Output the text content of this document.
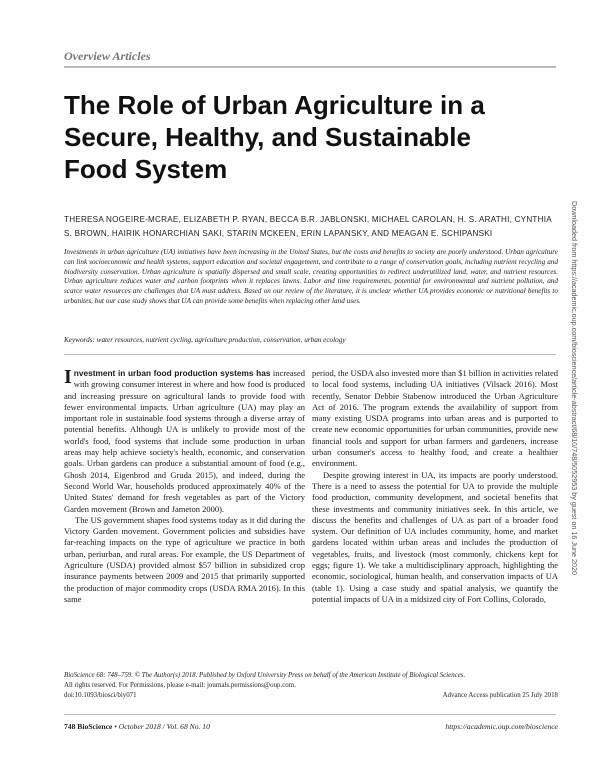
Overview Articles
The Role of Urban Agriculture in a Secure, Healthy, and Sustainable Food System
THERESA NOGEIRE-MCRAE, ELIZABETH P. RYAN, BECCA B.R. JABLONSKI, MICHAEL CAROLAN, H. S. ARATHI, CYNTHIA S. BROWN, HAIRIK HONARCHIAN SAKI, STARIN MCKEEN, ERIN LAPANSKY, AND MEAGAN E. SCHIPANSKI
Investments in urban agriculture (UA) initiatives have been increasing in the United States, but the costs and benefits to society are poorly understood. Urban agriculture can link socioeconomic and health systems, support education and societal engagement, and contribute to a range of conservation goals, including nutrient recycling and biodiversity conservation. Urban agriculture is spatially dispersed and small scale, creating opportunities to redirect underutilized land, water, and nutrient resources. Urban agriculture reduces water and carbon footprints when it replaces lawns. Labor and time requirements, potential for environmental and nutrient pollution, and scarce water resources are challenges that UA must address. Based on our review of the literature, it is unclear whether UA provides economic or nutritional benefits to urbanites, but our case study shows that UA can provide some benefits when replacing other land uses.
Keywords: water resources, nutrient cycling, agriculture production, conservation, urban ecology

Investment in urban food production systems has increased with growing consumer interest in where and how food is produced and increasing pressure on agricultural lands to provide food with fewer environmental impacts. Urban agriculture (UA) may play an important role in sustainable food systems through a diverse array of potential benefits. Although UA is unlikely to provide most of the world's food, food systems that include some production in urban areas may help achieve society's health, economic, and conservation goals. Urban gardens can produce a substantial amount of food (e.g., Ghosh 2014, Eigenbrod and Gruda 2015), and indeed, during the Second World War, households produced approximately 40% of the United States' demand for fresh vegetables as part of the Victory Garden movement (Brown and Jameton 2000).

The US government shapes food systems today as it did during the Victory Garden movement. Government policies and subsidies have far-reaching impacts on the type of agriculture we practice in both urban, periurban, and rural areas. For example, the US Department of Agriculture (USDA) provided almost $57 billion in subsidized crop insurance payments between 2009 and 2015 that primarily supported the production of major commodity crops (USDA RMA 2016). In this same

period, the USDA also invested more than $1 billion in activities related to local food systems, including UA initiatives (Vilsack 2016). Most recently, Senator Debbie Stabenow introduced the Urban Agriculture Act of 2016. The program extends the availability of support from many existing USDA programs into urban areas and is purported to create new economic opportunities for urban communities, provide new financial tools and support for urban farmers and gardeners, increase urban consumer's access to healthy food, and create a healthier environment.

Despite growing interest in UA, its impacts are poorly understood. There is a need to assess the potential for UA to provide the multiple food production, community development, and societal benefits that these investments and community initiatives seek. In this article, we discuss the benefits and challenges of UA as part of a broader food system. Our definition of UA includes community, home, and market gardens located within urban areas and includes the production of vegetables, fruits, and livestock (most commonly, chickens kept for eggs; figure 1). We take a multidisciplinary approach, highlighting the economic, sociological, human health, and conservation impacts of UA (table 1). Using a case study and spatial analysis, we quantify the potential impacts of UA in a midsized city of Fort Collins, Colorado,

BioScience 68: 748–759. © The Author(s) 2018. Published by Oxford University Press on behalf of the American Institute of Biological Sciences.
All rights reserved. For Permissions, please e-mail: journals.permissions@oup.com.
doi:10.1093/biosci/biy071	Advance Access publication 25 July 2018
748 BioScience • October 2018 / Vol. 68 No. 10	https://academic.oup.com/bioscience
Downloaded from https://academic.oup.com/bioscience/article-abstract/68/10/748/5052953 by guest on 16 June 2020
